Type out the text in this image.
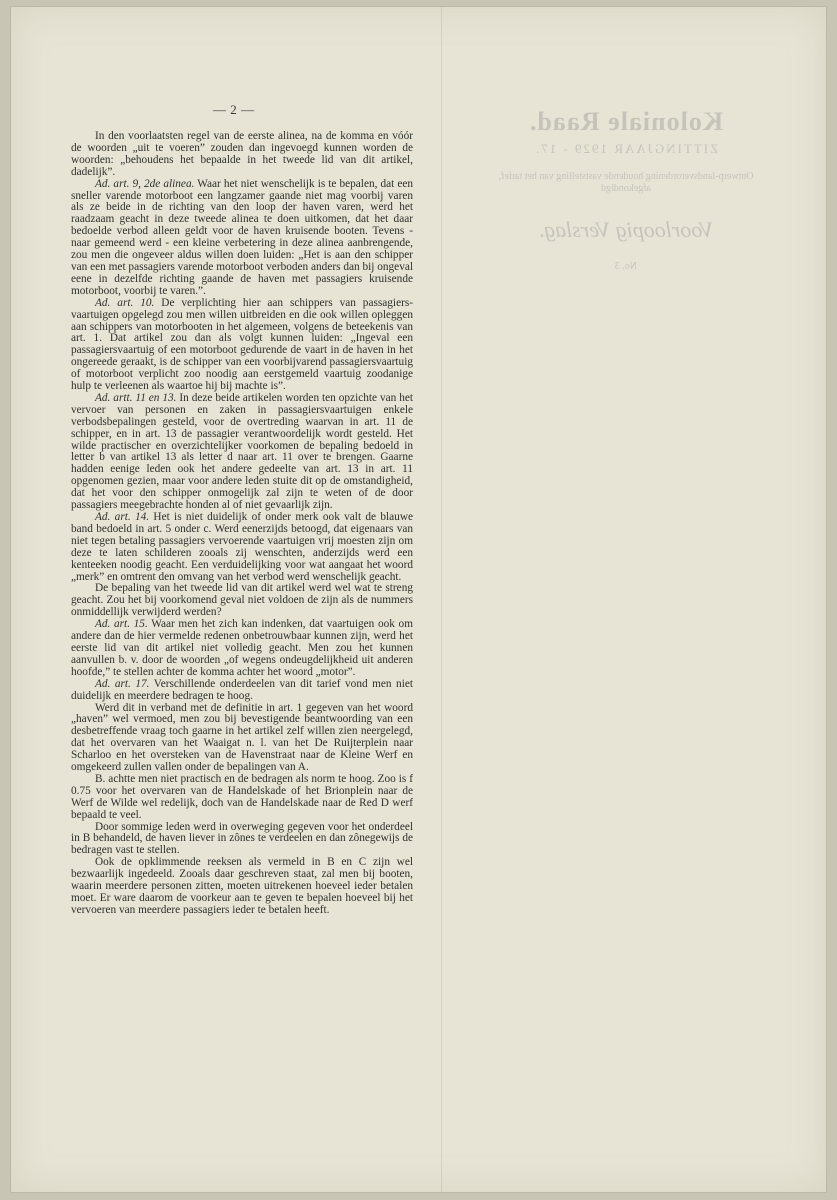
Koloniale Raad.
ZITTINGJAAR 1929 - 17.
Ontwerp-landsverordening houdende vaststelling van het tarief, afgekondigd
Voorloopig Verslag.
No. 3
— 2 —

In den voorlaatsten regel van de eerste alinea, na de komma en vóór de woorden „uit te voeren” zouden dan ingevoegd kunnen worden de woorden: „behoudens het bepaalde in het tweede lid van dit artikel, dadelijk”.

Ad. art. 9, 2de alinea. Waar het niet wenschelijk is te bepalen, dat een sneller varende motorboot een langzamer gaande niet mag voorbij varen als ze beide in de richting van den loop der haven varen, werd het raadzaam geacht in deze tweede alinea te doen uitkomen, dat het daar bedoelde verbod alleen geldt voor de haven kruisende booten. Tevens - naar gemeend werd - een kleine verbetering in deze alinea aanbrengende, zou men die ongeveer aldus willen doen luiden: „Het is aan den schipper van een met passagiers varende motorboot verboden anders dan bij ongeval eene in dezelfde richting gaande de haven met passagiers kruisende motorboot, voorbij te varen.”.

Ad. art. 10. De verplichting hier aan schippers van passagiers-vaartuigen opgelegd zou men willen uitbreiden en die ook willen opleggen aan schippers van motorbooten in het algemeen, volgens de beteekenis van art. 1. Dat artikel zou dan als volgt kunnen luiden: „Ingeval een passagiersvaartuig of een motorboot gedurende de vaart in de haven in het ongereede geraakt, is de schipper van een voorbijvarend passagiersvaartuig of motorboot verplicht zoo noodig aan eerstgemeld vaartuig zoodanige hulp te verleenen als waartoe hij bij machte is”.

Ad. artt. 11 en 13. In deze beide artikelen worden ten opzichte van het vervoer van personen en zaken in passagiersvaartuigen enkele verbodsbepalingen gesteld, voor de overtreding waarvan in art. 11 de schipper, en in art. 13 de passagier verantwoordelijk wordt gesteld. Het wilde practischer en overzichtelijker voorkomen de bepaling bedoeld in letter b van artikel 13 als letter d naar art. 11 over te brengen. Gaarne hadden eenige leden ook het andere gedeelte van art. 13 in art. 11 opgenomen gezien, maar voor andere leden stuite dit op de omstandigheid, dat het voor den schipper onmogelijk zal zijn te weten of de door passagiers meegebrachte honden al of niet gevaarlijk zijn.

Ad. art. 14. Het is niet duidelijk of onder merk ook valt de blauwe band bedoeld in art. 5 onder c. Werd eenerzijds betoogd, dat eigenaars van niet tegen betaling passagiers vervoerende vaartuigen vrij moesten zijn om deze te laten schilderen zooals zij wenschten, anderzijds werd een kenteeken noodig geacht. Een verduidelijking voor wat aangaat het woord „merk” en omtrent den omvang van het verbod werd wenschelijk geacht.

De bepaling van het tweede lid van dit artikel werd wel wat te streng geacht. Zou het bij voorkomend geval niet voldoen de zijn als de nummers onmiddellijk verwijderd werden?

Ad. art. 15. Waar men het zich kan indenken, dat vaartuigen ook om andere dan de hier vermelde redenen onbetrouwbaar kunnen zijn, werd het eerste lid van dit artikel niet volledig geacht. Men zou het kunnen aanvullen b. v. door de woorden „of wegens ondeugdelijkheid uit anderen hoofde,” te stellen achter de komma achter het woord „motor”.

Ad. art. 17. Verschillende onderdeelen van dit tarief vond men niet duidelijk en meerdere bedragen te hoog.

Werd dit in verband met de definitie in art. 1 gegeven van het woord „haven” wel vermoed, men zou bij bevestigende beantwoording van een desbetreffende vraag toch gaarne in het artikel zelf willen zien neergelegd, dat het overvaren van het Waaigat n. l. van het De Ruijterplein naar Scharloo en het oversteken van de Havenstraat naar de Kleine Werf en omgekeerd zullen vallen onder de bepalingen van A.

B. achtte men niet practisch en de bedragen als norm te hoog. Zoo is f 0.75 voor het overvaren van de Handelskade of het Brionplein naar de Werf de Wilde wel redelijk, doch van de Handelskade naar de Red D werf bepaald te veel.

Door sommige leden werd in overweging gegeven voor het onderdeel in B behandeld, de haven liever in zônes te verdeelen en dan zônegewijs de bedragen vast te stellen.

Ook de opklimmende reeksen als vermeld in B en C zijn wel bezwaarlijk ingedeeld. Zooals daar geschreven staat, zal men bij booten, waarin meerdere personen zitten, moeten uitrekenen hoeveel ieder betalen moet. Er ware daarom de voorkeur aan te geven te bepalen hoeveel bij het vervoeren van meerdere passagiers ieder te betalen heeft.
